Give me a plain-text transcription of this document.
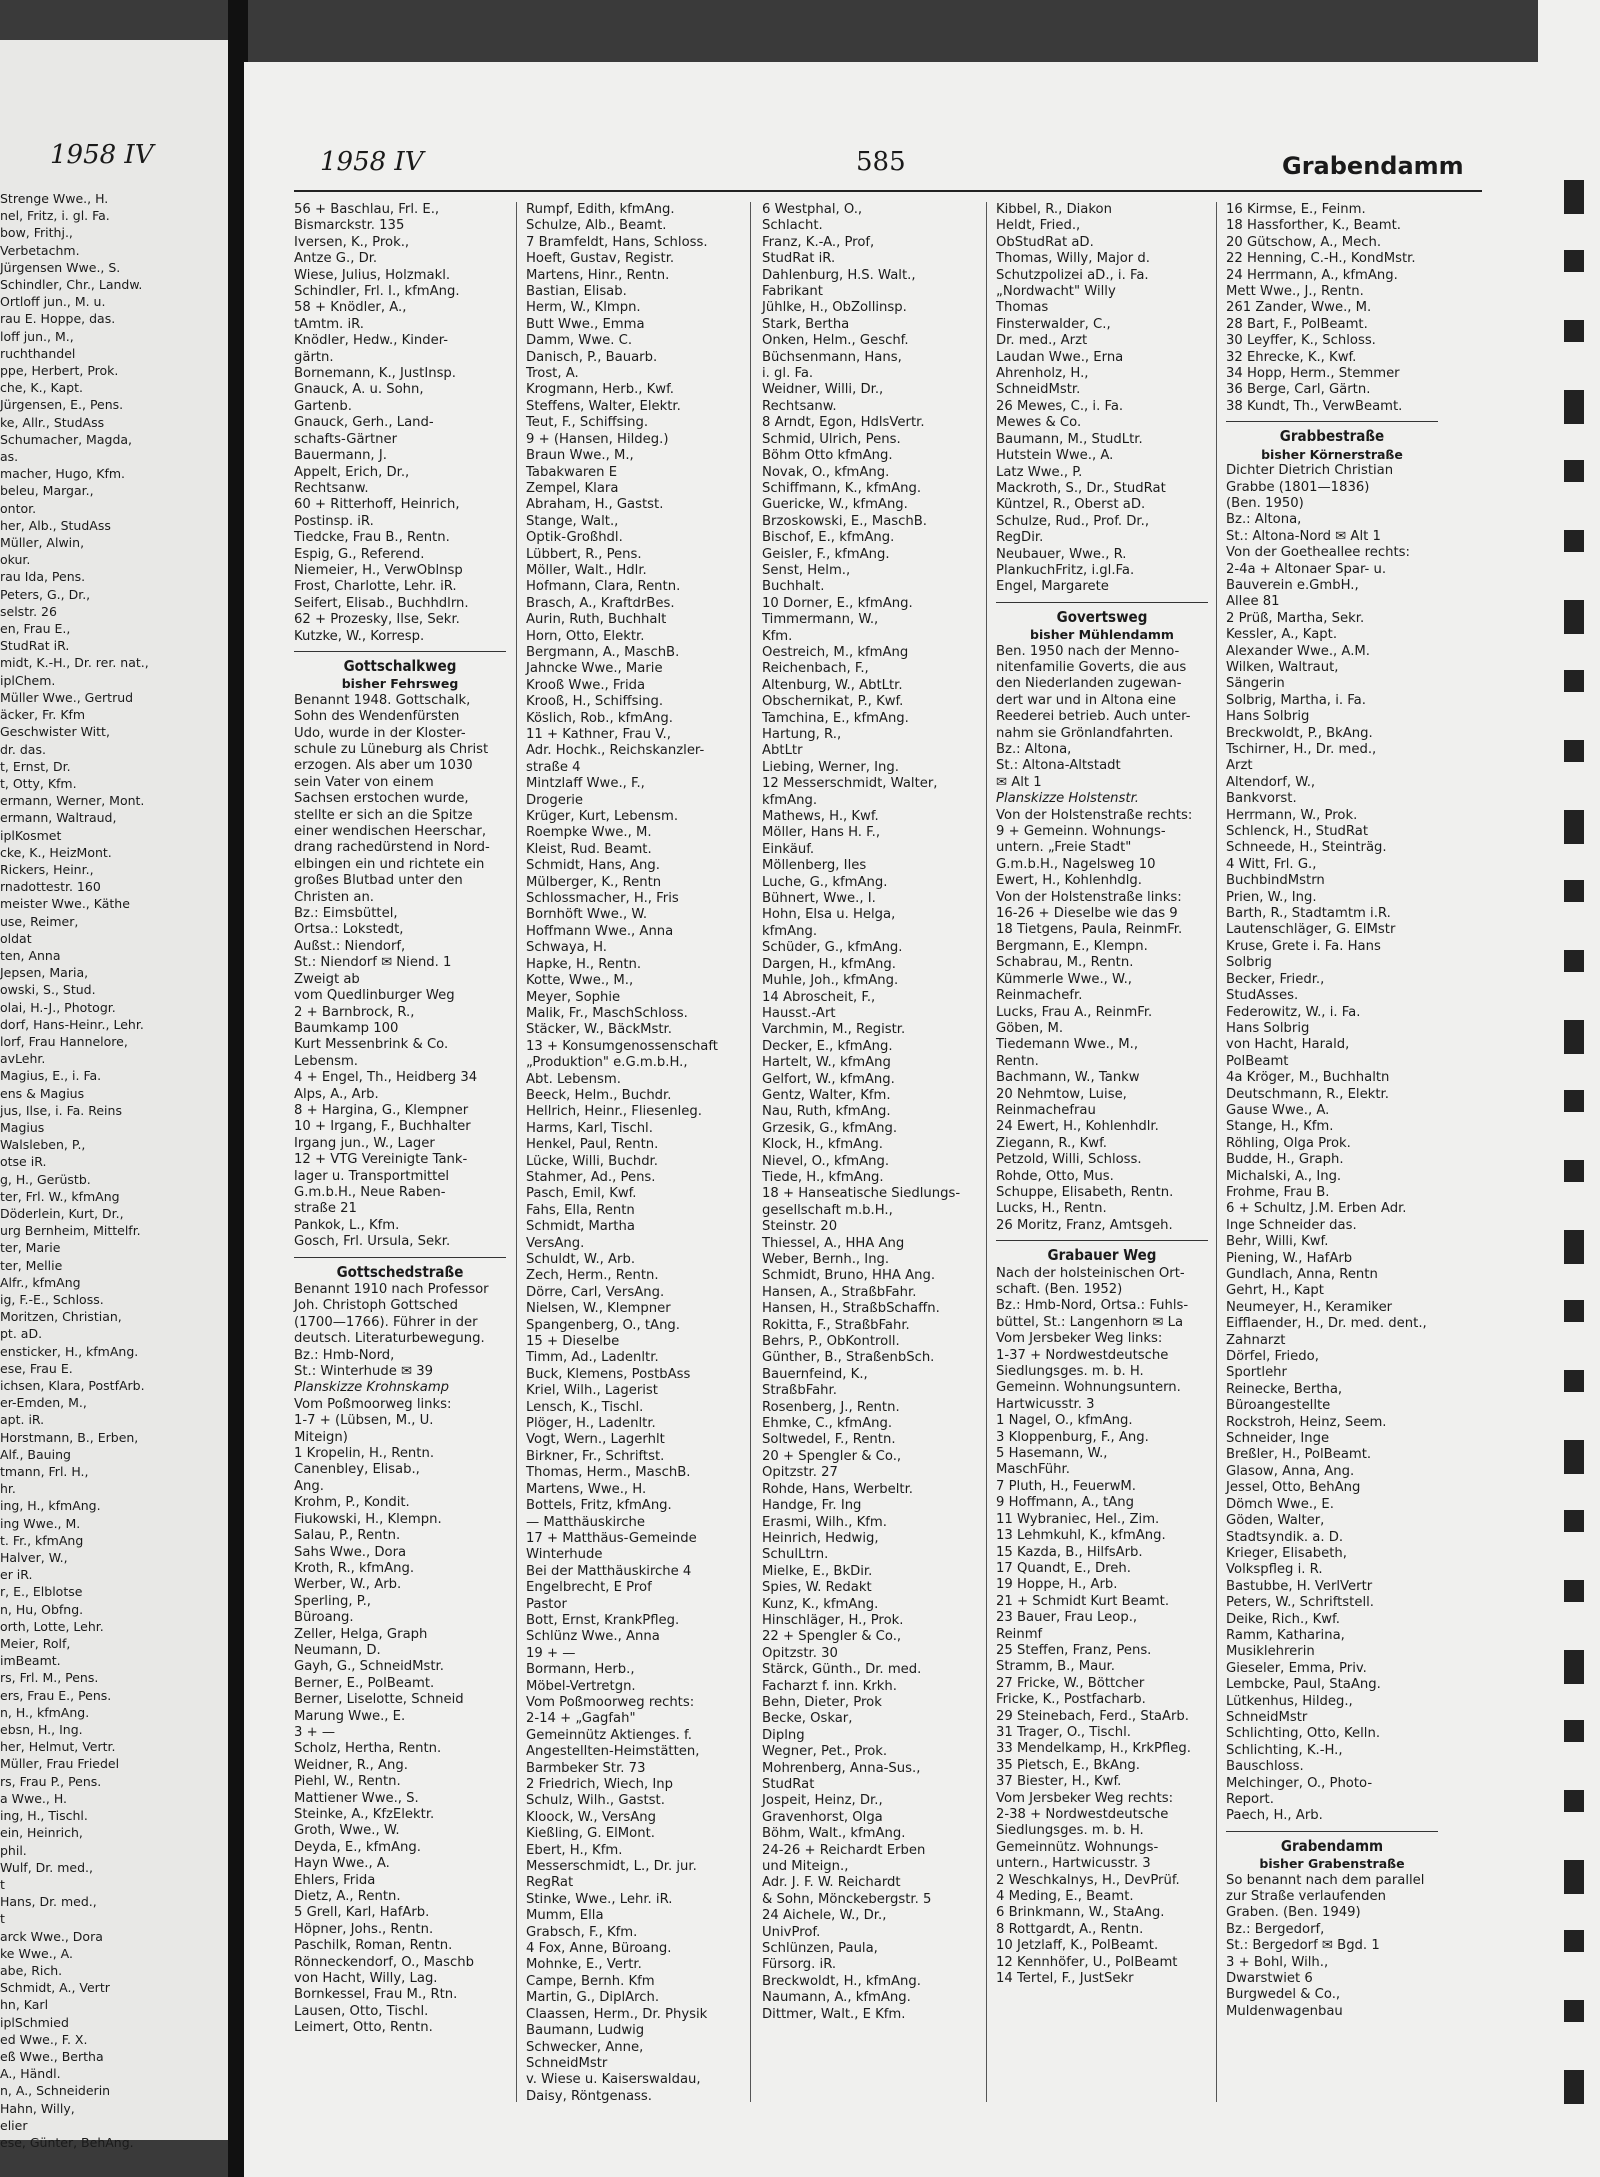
1958 IV
Strenge Wwe., H.
nel, Fritz, i. gl. Fa.
bow, Frithj.,
Verbetachm.
Jürgensen Wwe., S.
Schindler, Chr., Landw.
Ortloff jun., M. u.
rau E. Hoppe, das.
loff jun., M.,
ruchthandel
ppe, Herbert, Prok.
che, K., Kapt.
Jürgensen, E., Pens.
ke, Allr., StudAss
Schumacher, Magda,
as.
macher, Hugo, Kfm.
beleu, Margar.,
ontor.
her, Alb., StudAss
Müller, Alwin,
okur.
rau Ida, Pens.
Peters, G., Dr.,
selstr. 26
en, Frau E.,
StudRat iR.
midt, K.-H., Dr. rer. nat.,
iplChem.
Müller Wwe., Gertrud
äcker, Fr. Kfm
Geschwister Witt,
dr. das.
t, Ernst, Dr.
t, Otty, Kfm.
ermann, Werner, Mont.
ermann, Waltraud,
iplKosmet
cke, K., HeizMont.
Rickers, Heinr.,
rnadottestr. 160
meister Wwe., Käthe
use, Reimer,
oldat
ten, Anna
Jepsen, Maria,
owski, S., Stud.
olai, H.-J., Photogr.
dorf, Hans-Heinr., Lehr.
lorf, Frau Hannelore,
avLehr.
Magius, E., i. Fa.
ens & Magius
jus, Ilse, i. Fa. Reins
Magius
Walsleben, P.,
otse iR.
g, H., Gerüstb.
ter, Frl. W., kfmAng
Döderlein, Kurt, Dr.,
urg Bernheim, Mittelfr.
ter, Marie
ter, Mellie
Alfr., kfmAng
ig, F.-E., Schloss.
Moritzen, Christian,
pt. aD.
ensticker, H., kfmAng.
ese, Frau E.
ichsen, Klara, PostfArb.
er-Emden, M.,
apt. iR.
Horstmann, B., Erben,
Alf., Bauing
tmann, Frl. H.,
hr.
ing, H., kfmAng.
ing Wwe., M.
t. Fr., kfmAng
Halver, W.,
er iR.
r, E., Elblotse
n, Hu, Obfng.
orth, Lotte, Lehr.
Meier, Rolf,
imBeamt.
rs, Frl. M., Pens.
ers, Frau E., Pens.
n, H., kfmAng.
ebsn, H., Ing.
her, Helmut, Vertr.
Müller, Frau Friedel
rs, Frau P., Pens.
a Wwe., H.
ing, H., Tischl.
ein, Heinrich,
phil.
Wulf, Dr. med.,
t
Hans, Dr. med.,
t
arck Wwe., Dora
ke Wwe., A.
abe, Rich.
Schmidt, A., Vertr
hn, Karl
iplSchmied
ed Wwe., F. X.
eß Wwe., Bertha
A., Händl.
n, A., Schneiderin
Hahn, Willy,
elier
ese, Günter, BehAng.
1958 IV	585	Grabendamm
56 + Baschlau, Frl. E.,
Bismarckstr. 135
Iversen, K., Prok.,
Antze G., Dr.
Wiese, Julius, Holzmakl.
Schindler, Frl. I., kfmAng.
58 + Knödler, A.,
tAmtm. iR.
Knödler, Hedw., Kinder-
gärtn.
Bornemann, K., JustInsp.
Gnauck, A. u. Sohn,
Gartenb.
Gnauck, Gerh., Land-
schafts-Gärtner
Bauermann, J.
Appelt, Erich, Dr.,
Rechtsanw.
60 + Ritterhoff, Heinrich,
Postinsp. iR.
Tiedcke, Frau B., Rentn.
Espig, G., Referend.
Niemeier, H., VerwOblnsp
Frost, Charlotte, Lehr. iR.
Seifert, Elisab., Buchhdlrn.
62 + Prozesky, Ilse, Sekr.
Kutzke, W., Korresp.
Gottschalkweg
bisher Fehrsweg
Benannt 1948. Gottschalk,
Sohn des Wendenfürsten
Udo, wurde in der Kloster-
schule zu Lüneburg als Christ
erzogen. Als aber um 1030
sein Vater von einem
Sachsen erstochen wurde,
stellte er sich an die Spitze
einer wendischen Heerschar,
drang rachedürstend in Nord-
elbingen ein und richtete ein
großes Blutbad unter den
Christen an.
Bz.: Eimsbüttel,
Ortsa.: Lokstedt,
Außst.: Niendorf,
St.: Niendorf ✉ Niend. 1
Zweigt ab
vom Quedlinburger Weg
2 + Barnbrock, R.,
Baumkamp 100
Kurt Messenbrink & Co.
Lebensm.
4 + Engel, Th., Heidberg 34
Alps, A., Arb.
8 + Hargina, G., Klempner
10 + Irgang, F., Buchhalter
Irgang jun., W., Lager
12 + VTG Vereinigte Tank-
lager u. Transportmittel
G.m.b.H., Neue Raben-
straße 21
Pankok, L., Kfm.
Gosch, Frl. Ursula, Sekr.
Gottschedstraße
Benannt 1910 nach Professor
Joh. Christoph Gottsched
(1700—1766). Führer in der
deutsch. Literaturbewegung.
Bz.: Hmb-Nord,
St.: Winterhude ✉ 39
Planskizze Krohnskamp
Vom Poßmoorweg links:
1-7 + (Lübsen, M., U.
Miteign)
1 Kropelin, H., Rentn.
Canenbley, Elisab.,
Ang.
Krohm, P., Kondit.
Fiukowski, H., Klempn.
Salau, P., Rentn.
Sahs Wwe., Dora
Kroth, R., kfmAng.
Werber, W., Arb.
Sperling, P.,
Büroang.
Zeller, Helga, Graph
Neumann, D.
Gayh, G., SchneidMstr.
Berner, E., PolBeamt.
Berner, Liselotte, Schneid
Marung Wwe., E.
3 + —
Scholz, Hertha, Rentn.
Weidner, R., Ang.
Piehl, W., Rentn.
Mattiener Wwe., S.
Steinke, A., KfzElektr.
Groth, Wwe., W.
Deyda, E., kfmAng.
Hayn Wwe., A.
Ehlers, Frida
Dietz, A., Rentn.
5 Grell, Karl, HafArb.
Höpner, Johs., Rentn.
Paschilk, Roman, Rentn.
Rönneckendorf, O., Maschb
von Hacht, Willy, Lag.
Bornkessel, Frau M., Rtn.
Lausen, Otto, Tischl.
Leimert, Otto, Rentn.
Rumpf, Edith, kfmAng.
Schulze, Alb., Beamt.
7 Bramfeldt, Hans, Schloss.
Hoeft, Gustav, Registr.
Martens, Hinr., Rentn.
Bastian, Elisab.
Herm, W., Klmpn.
Butt Wwe., Emma
Damm, Wwe. C.
Danisch, P., Bauarb.
Trost, A.
Krogmann, Herb., Kwf.
Steffens, Walter, Elektr.
Teut, F., Schiffsing.
9 + (Hansen, Hildeg.)
Braun Wwe., M.,
Tabakwaren E
Zempel, Klara
Abraham, H., Gastst.
Stange, Walt.,
Optik-Großhdl.
Lübbert, R., Pens.
Möller, Walt., Hdlr.
Hofmann, Clara, Rentn.
Brasch, A., KraftdrBes.
Aurin, Ruth, Buchhalt
Horn, Otto, Elektr.
Bergmann, A., MaschB.
Jahncke Wwe., Marie
Krooß Wwe., Frida
Krooß, H., Schiffsing.
Köslich, Rob., kfmAng.
11 + Kathner, Frau V.,
Adr. Hochk., Reichskanzler-
straße 4
Mintzlaff Wwe., F.,
Drogerie
Krüger, Kurt, Lebensm.
Roempke Wwe., M.
Kleist, Rud. Beamt.
Schmidt, Hans, Ang.
Mülberger, K., Rentn
Schlossmacher, H., Fris
Bornhöft Wwe., W.
Hoffmann Wwe., Anna
Schwaya, H.
Hapke, H., Rentn.
Kotte, Wwe., M.,
Meyer, Sophie
Malik, Fr., MaschSchloss.
Stäcker, W., BäckMstr.
13 + Konsumgenossenschaft
„Produktion" e.G.m.b.H.,
Abt. Lebensm.
Beeck, Helm., Buchdr.
Hellrich, Heinr., Fliesenleg.
Harms, Karl, Tischl.
Henkel, Paul, Rentn.
Lücke, Willi, Buchdr.
Stahmer, Ad., Pens.
Pasch, Emil, Kwf.
Fahs, Ella, Rentn
Schmidt, Martha
VersAng.
Schuldt, W., Arb.
Zech, Herm., Rentn.
Dörre, Carl, VersAng.
Nielsen, W., Klempner
Spangenberg, O., tAng.
15 + Dieselbe
Timm, Ad., Ladenltr.
Buck, Klemens, PostbAss
Kriel, Wilh., Lagerist
Lensch, K., Tischl.
Plöger, H., Ladenltr.
Vogt, Wern., Lagerhlt
Birkner, Fr., Schriftst.
Thomas, Herm., MaschB.
Martens, Wwe., H.
Bottels, Fritz, kfmAng.
— Matthäuskirche
17 + Matthäus-Gemeinde
Winterhude
Bei der Matthäuskirche 4
Engelbrecht, E Prof
Pastor
Bott, Ernst, KrankPfleg.
Schlünz Wwe., Anna
19 + —
Bormann, Herb.,
Möbel-Vertretgn.
Vom Poßmoorweg rechts:
2-14 + „Gagfah"
Gemeinnütz Aktienges. f.
Angestellten-Heimstätten,
Barmbeker Str. 73
2 Friedrich, Wiech, Inp
Schulz, Wilh., Gastst.
Kloock, W., VersAng
Kießling, G. ElMont.
Ebert, H., Kfm.
Messerschmidt, L., Dr. jur.
RegRat
Stinke, Wwe., Lehr. iR.
Mumm, Ella
Grabsch, F., Kfm.
4 Fox, Anne, Büroang.
Mohnke, E., Vertr.
Campe, Bernh. Kfm
Martin, G., DiplArch.
Claassen, Herm., Dr. Physik
Baumann, Ludwig
Schwecker, Anne,
SchneidMstr
v. Wiese u. Kaiserswaldau,
Daisy, Röntgenass.
6 Westphal, O.,
Schlacht.
Franz, K.-A., Prof,
StudRat iR.
Dahlenburg, H.S. Walt.,
Fabrikant
Jühlke, H., ObZollinsp.
Stark, Bertha
Onken, Helm., Geschf.
Büchsenmann, Hans,
i. gl. Fa.
Weidner, Willi, Dr.,
Rechtsanw.
8 Arndt, Egon, HdlsVertr.
Schmid, Ulrich, Pens.
Böhm Otto kfmAng.
Novak, O., kfmAng.
Schiffmann, K., kfmAng.
Guericke, W., kfmAng.
Brzoskowski, E., MaschB.
Bischof, E., kfmAng.
Geisler, F., kfmAng.
Senst, Helm.,
Buchhalt.
10 Dorner, E., kfmAng.
Timmermann, W.,
Kfm.
Oestreich, M., kfmAng
Reichenbach, F.,
Altenburg, W., AbtLtr.
Obschernikat, P., Kwf.
Tamchina, E., kfmAng.
Hartung, R.,
AbtLtr
Liebing, Werner, Ing.
12 Messerschmidt, Walter,
kfmAng.
Mathews, H., Kwf.
Möller, Hans H. F.,
Einkäuf.
Möllenberg, Iles
Luche, G., kfmAng.
Bühnert, Wwe., I.
Hohn, Elsa u. Helga,
kfmAng.
Schüder, G., kfmAng.
Dargen, H., kfmAng.
Muhle, Joh., kfmAng.
14 Abroscheit, F.,
Hausst.-Art
Varchmin, M., Registr.
Decker, E., kfmAng.
Hartelt, W., kfmAng
Gelfort, W., kfmAng.
Gentz, Walter, Kfm.
Nau, Ruth, kfmAng.
Grzesik, G., kfmAng.
Klock, H., kfmAng.
Nievel, O., kfmAng.
Tiede, H., kfmAng.
18 + Hanseatische Siedlungs-
gesellschaft m.b.H.,
Steinstr. 20
Thiessel, A., HHA Ang
Weber, Bernh., Ing.
Schmidt, Bruno, HHA Ang.
Hansen, A., StraßbFahr.
Hansen, H., StraßbSchaffn.
Rokitta, F., StraßbFahr.
Behrs, P., ObKontroll.
Günther, B., StraßenbSch.
Bauernfeind, K.,
StraßbFahr.
Rosenberg, J., Rentn.
Ehmke, C., kfmAng.
Soltwedel, F., Rentn.
20 + Spengler & Co.,
Opitzstr. 27
Rohde, Hans, Werbeltr.
Handge, Fr. Ing
Erasmi, Wilh., Kfm.
Heinrich, Hedwig,
SchulLtrn.
Mielke, E., BkDir.
Spies, W. Redakt
Kunz, K., kfmAng.
Hinschläger, H., Prok.
22 + Spengler & Co.,
Opitzstr. 30
Stärck, Günth., Dr. med.
Facharzt f. inn. Krkh.
Behn, Dieter, Prok
Becke, Oskar,
Diplng
Wegner, Pet., Prok.
Mohrenberg, Anna-Sus.,
StudRat
Jospeit, Heinz, Dr.,
Gravenhorst, Olga
Böhm, Walt., kfmAng.
24-26 + Reichardt Erben
und Miteign.,
Adr. J. F. W. Reichardt
& Sohn, Mönckebergstr. 5
24 Aichele, W., Dr.,
UnivProf.
Schlünzen, Paula,
Fürsorg. iR.
Breckwoldt, H., kfmAng.
Naumann, A., kfmAng.
Dittmer, Walt., E Kfm.
Kibbel, R., Diakon
Heldt, Fried.,
ObStudRat aD.
Thomas, Willy, Major d.
Schutzpolizei aD., i. Fa.
„Nordwacht" Willy
Thomas
Finsterwalder, C.,
Dr. med., Arzt
Laudan Wwe., Erna
Ahrenholz, H.,
SchneidMstr.
26 Mewes, C., i. Fa.
Mewes & Co.
Baumann, M., StudLtr.
Hutstein Wwe., A.
Latz Wwe., P.
Mackroth, S., Dr., StudRat
Küntzel, R., Oberst aD.
Schulze, Rud., Prof. Dr.,
RegDir.
Neubauer, Wwe., R.
PlankuchFritz, i.gl.Fa.
Engel, Margarete
Govertsweg
bisher Mühlendamm
Ben. 1950 nach der Menno-
nitenfamilie Goverts, die aus
den Niederlanden zugewan-
dert war und in Altona eine
Reederei betrieb. Auch unter-
nahm sie Grönlandfahrten.
Bz.: Altona,
St.: Altona-Altstadt
✉ Alt 1
Planskizze Holstenstr.
Von der Holstenstraße rechts:
9 + Gemeinn. Wohnungs-
untern. „Freie Stadt"
G.m.b.H., Nagelsweg 10
Ewert, H., Kohlenhdlg.
Von der Holstenstraße links:
16-26 + Dieselbe wie das 9
18 Tietgens, Paula, ReinmFr.
Bergmann, E., Klempn.
Schabrau, M., Rentn.
Kümmerle Wwe., W.,
Reinmachefr.
Lucks, Frau A., ReinmFr.
Göben, M.
Tiedemann Wwe., M.,
Rentn.
Bachmann, W., Tankw
20 Nehmtow, Luise,
Reinmachefrau
24 Ewert, H., Kohlenhdlr.
Ziegann, R., Kwf.
Petzold, Willi, Schloss.
Rohde, Otto, Mus.
Schuppe, Elisabeth, Rentn.
Lucks, H., Rentn.
26 Moritz, Franz, Amtsgeh.
Grabauer Weg
Nach der holsteinischen Ort-
schaft. (Ben. 1952)
Bz.: Hmb-Nord, Ortsa.: Fuhls-
büttel, St.: Langenhorn ✉ La
Vom Jersbeker Weg links:
1-37 + Nordwestdeutsche
Siedlungsges. m. b. H.
Gemeinn. Wohnungsuntern.
Hartwicusstr. 3
1 Nagel, O., kfmAng.
3 Kloppenburg, F., Ang.
5 Hasemann, W.,
MaschFühr.
7 Pluth, H., FeuerwM.
9 Hoffmann, A., tAng
11 Wybraniec, Hel., Zim.
13 Lehmkuhl, K., kfmAng.
15 Kazda, B., HilfsArb.
17 Quandt, E., Dreh.
19 Hoppe, H., Arb.
21 + Schmidt Kurt Beamt.
23 Bauer, Frau Leop.,
Reinmf
25 Steffen, Franz, Pens.
Stramm, B., Maur.
27 Fricke, W., Böttcher
Fricke, K., Postfacharb.
29 Steinebach, Ferd., StaArb.
31 Trager, O., Tischl.
33 Mendelkamp, H., KrkPfleg.
35 Pietsch, E., BkAng.
37 Biester, H., Kwf.
Vom Jersbeker Weg rechts:
2-38 + Nordwestdeutsche
Siedlungsges. m. b. H.
Gemeinnütz. Wohnungs-
untern., Hartwicusstr. 3
2 Weschkalnys, H., DevPrüf.
4 Meding, E., Beamt.
6 Brinkmann, W., StaAng.
8 Rottgardt, A., Rentn.
10 Jetzlaff, K., PolBeamt.
12 Kennhöfer, U., PolBeamt
14 Tertel, F., JustSekr
16 Kirmse, E., Feinm.
18 Hassforther, K., Beamt.
20 Gütschow, A., Mech.
22 Henning, C.-H., KondMstr.
24 Herrmann, A., kfmAng.
Mett Wwe., J., Rentn.
261 Zander, Wwe., M.
28 Bart, F., PolBeamt.
30 Leyffer, K., Schloss.
32 Ehrecke, K., Kwf.
34 Hopp, Herm., Stemmer
36 Berge, Carl, Gärtn.
38 Kundt, Th., VerwBeamt.
Grabbestraße
bisher Körnerstraße
Dichter Dietrich Christian
Grabbe (1801—1836)
(Ben. 1950)
Bz.: Altona,
St.: Altona-Nord ✉ Alt 1
Von der Goetheallee rechts:
2-4a + Altonaer Spar- u.
Bauverein e.GmbH.,
Allee 81
2 Prüß, Martha, Sekr.
Kessler, A., Kapt.
Alexander Wwe., A.M.
Wilken, Waltraut,
Sängerin
Solbrig, Martha, i. Fa.
Hans Solbrig
Breckwoldt, P., BkAng.
Tschirner, H., Dr. med.,
Arzt
Altendorf, W.,
Bankvorst.
Herrmann, W., Prok.
Schlenck, H., StudRat
Schneede, H., Steinträg.
4 Witt, Frl. G.,
BuchbindMstrn
Prien, W., Ing.
Barth, R., Stadtamtm i.R.
Lautenschläger, G. ElMstr
Kruse, Grete i. Fa. Hans
Solbrig
Becker, Friedr.,
StudAsses.
Federowitz, W., i. Fa.
Hans Solbrig
von Hacht, Harald,
PolBeamt
4a Kröger, M., Buchhaltn
Deutschmann, R., Elektr.
Gause Wwe., A.
Stange, H., Kfm.
Röhling, Olga Prok.
Budde, H., Graph.
Michalski, A., Ing.
Frohme, Frau B.
6 + Schultz, J.M. Erben Adr.
Inge Schneider das.
Behr, Willi, Kwf.
Piening, W., HafArb
Gundlach, Anna, Rentn
Gehrt, H., Kapt
Neumeyer, H., Keramiker
Eifflaender, H., Dr. med. dent.,
Zahnarzt
Dörfel, Friedo,
Sportlehr
Reinecke, Bertha,
Büroangestellte
Rockstroh, Heinz, Seem.
Schneider, Inge
Breßler, H., PolBeamt.
Glasow, Anna, Ang.
Jessel, Otto, BehAng
Dömch Wwe., E.
Göden, Walter,
Stadtsyndik. a. D.
Krieger, Elisabeth,
Volkspfleg i. R.
Bastubbe, H. VerlVertr
Peters, W., Schriftstell.
Deike, Rich., Kwf.
Ramm, Katharina,
Musiklehrerin
Gieseler, Emma, Priv.
Lembcke, Paul, StaAng.
Lütkenhus, Hildeg.,
SchneidMstr
Schlichting, Otto, Kelln.
Schlichting, K.-H.,
Bauschloss.
Melchinger, O., Photo-
Report.
Paech, H., Arb.
Grabendamm
bisher Grabenstraße
So benannt nach dem parallel
zur Straße verlaufenden
Graben. (Ben. 1949)
Bz.: Bergedorf,
St.: Bergedorf ✉ Bgd. 1
3 + Bohl, Wilh.,
Dwarstwiet 6
Burgwedel & Co.,
Muldenwagenbau
